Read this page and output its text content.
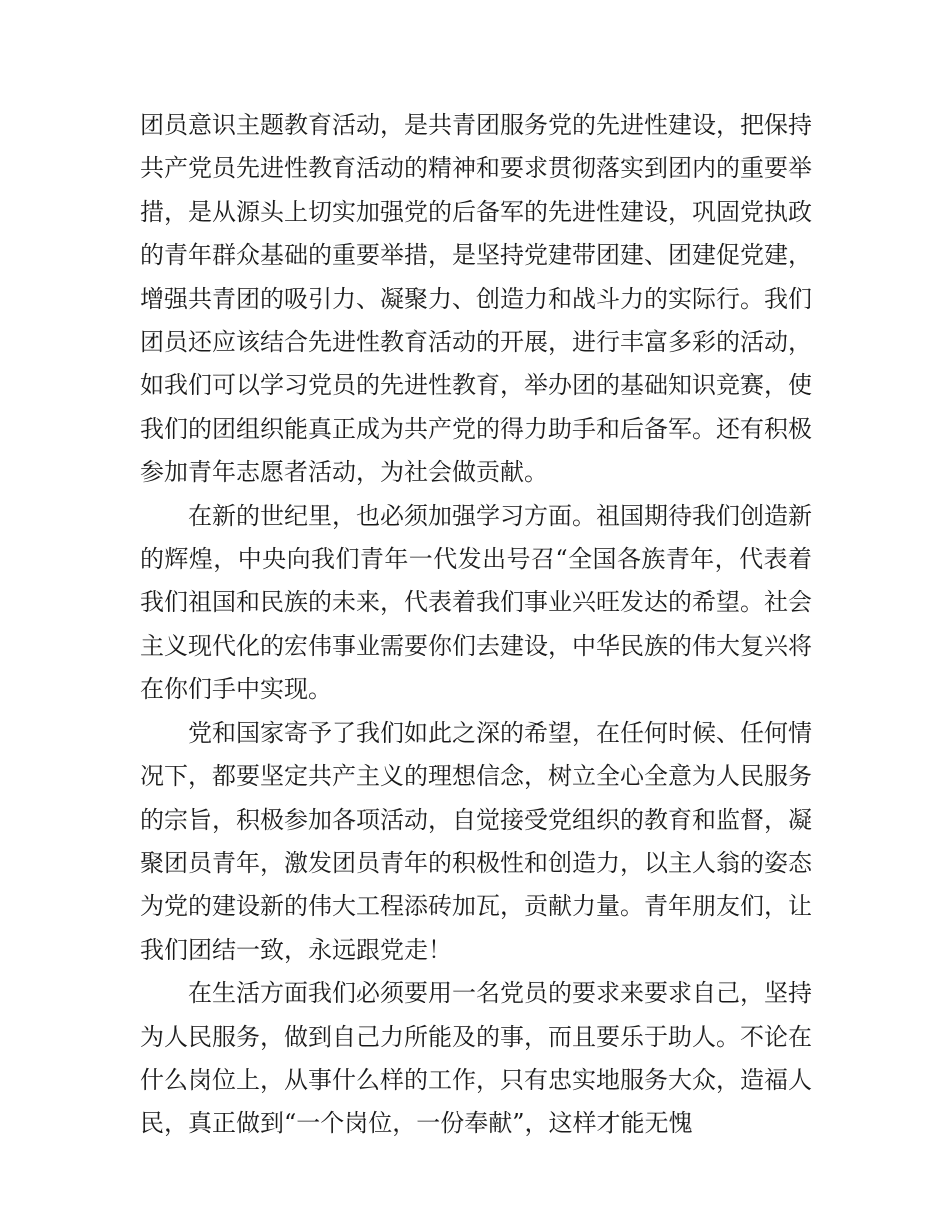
团员意识主题教育活动，是共青团服务党的先进性建设，把保持共产党员先进性教育活动的精神和要求贯彻落实到团内的重要举措，是从源头上切实加强党的后备军的先进性建设，巩固党执政的青年群众基础的重要举措，是坚持党建带团建、团建促党建，增强共青团的吸引力、凝聚力、创造力和战斗力的实际行。我们团员还应该结合先进性教育活动的开展，进行丰富多彩的活动，如我们可以学习党员的先进性教育，举办团的基础知识竞赛，使我们的团组织能真正成为共产党的得力助手和后备军。还有积极参加青年志愿者活动，为社会做贡献。

在新的世纪里，也必须加强学习方面。祖国期待我们创造新的辉煌，中央向我们青年一代发出号召“全国各族青年，代表着我们祖国和民族的未来，代表着我们事业兴旺发达的希望。社会主义现代化的宏伟事业需要你们去建设，中华民族的伟大复兴将在你们手中实现。

党和国家寄予了我们如此之深的希望，在任何时候、任何情况下，都要坚定共产主义的理想信念，树立全心全意为人民服务的宗旨，积极参加各项活动，自觉接受党组织的教育和监督，凝聚团员青年，激发团员青年的积极性和创造力，以主人翁的姿态为党的建设新的伟大工程添砖加瓦，贡献力量。青年朋友们，让我们团结一致，永远跟党走！

在生活方面我们必须要用一名党员的要求来要求自己，坚持为人民服务，做到自己力所能及的事，而且要乐于助人。不论在什么岗位上，从事什么样的工作，只有忠实地服务大众，造福人民，真正做到“一个岗位，一份奉献”，这样才能无愧
